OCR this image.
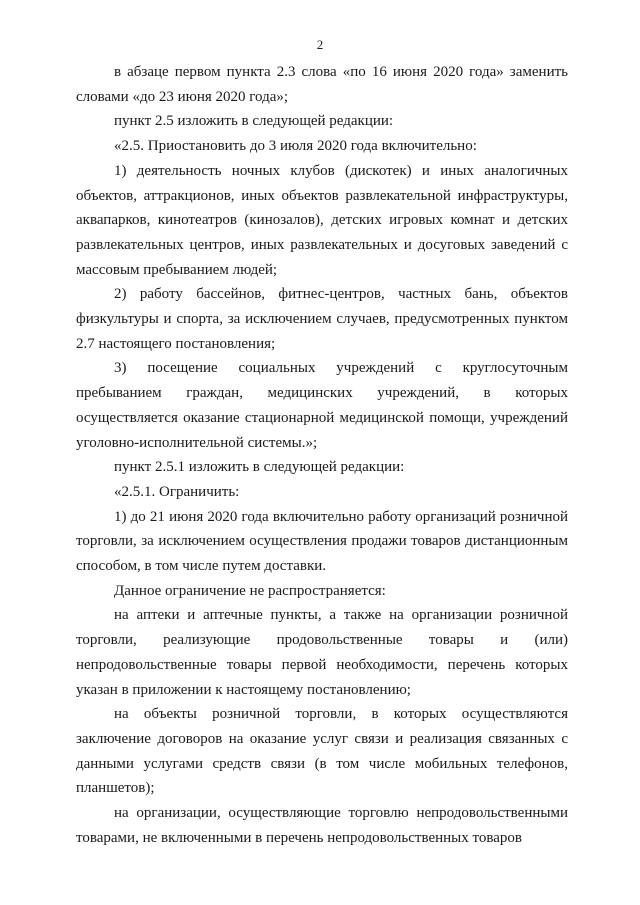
2

в абзаце первом пункта 2.3 слова «по 16 июня 2020 года» заменить словами «до 23 июня 2020 года»;

пункт 2.5 изложить в следующей редакции:

«2.5. Приостановить до 3 июля 2020 года включительно:

1) деятельность ночных клубов (дискотек) и иных аналогичных объектов, аттракционов, иных объектов развлекательной инфраструктуры, аквапарков, кинотеатров (кинозалов), детских игровых комнат и детских развлекательных центров, иных развлекательных и досуговых заведений с массовым пребыванием людей;

2) работу бассейнов, фитнес-центров, частных бань, объектов физкультуры и спорта, за исключением случаев, предусмотренных пунктом 2.7 настоящего постановления;

3) посещение социальных учреждений с круглосуточным пребыванием граждан, медицинских учреждений, в которых осуществляется оказание стационарной медицинской помощи, учреждений уголовно-исполнительной системы.»;

пункт 2.5.1 изложить в следующей редакции:

«2.5.1. Ограничить:

1) до 21 июня 2020 года включительно работу организаций розничной торговли, за исключением осуществления продажи товаров дистанционным способом, в том числе путем доставки.

Данное ограничение не распространяется:

на аптеки и аптечные пункты, а также на организации розничной торговли, реализующие продовольственные товары и (или) непродовольственные товары первой необходимости, перечень которых указан в приложении к настоящему постановлению;

на объекты розничной торговли, в которых осуществляются заключение договоров на оказание услуг связи и реализация связанных с данными услугами средств связи (в том числе мобильных телефонов, планшетов);

на организации, осуществляющие торговлю непродовольственными товарами, не включенными в перечень непродовольственных товаров
